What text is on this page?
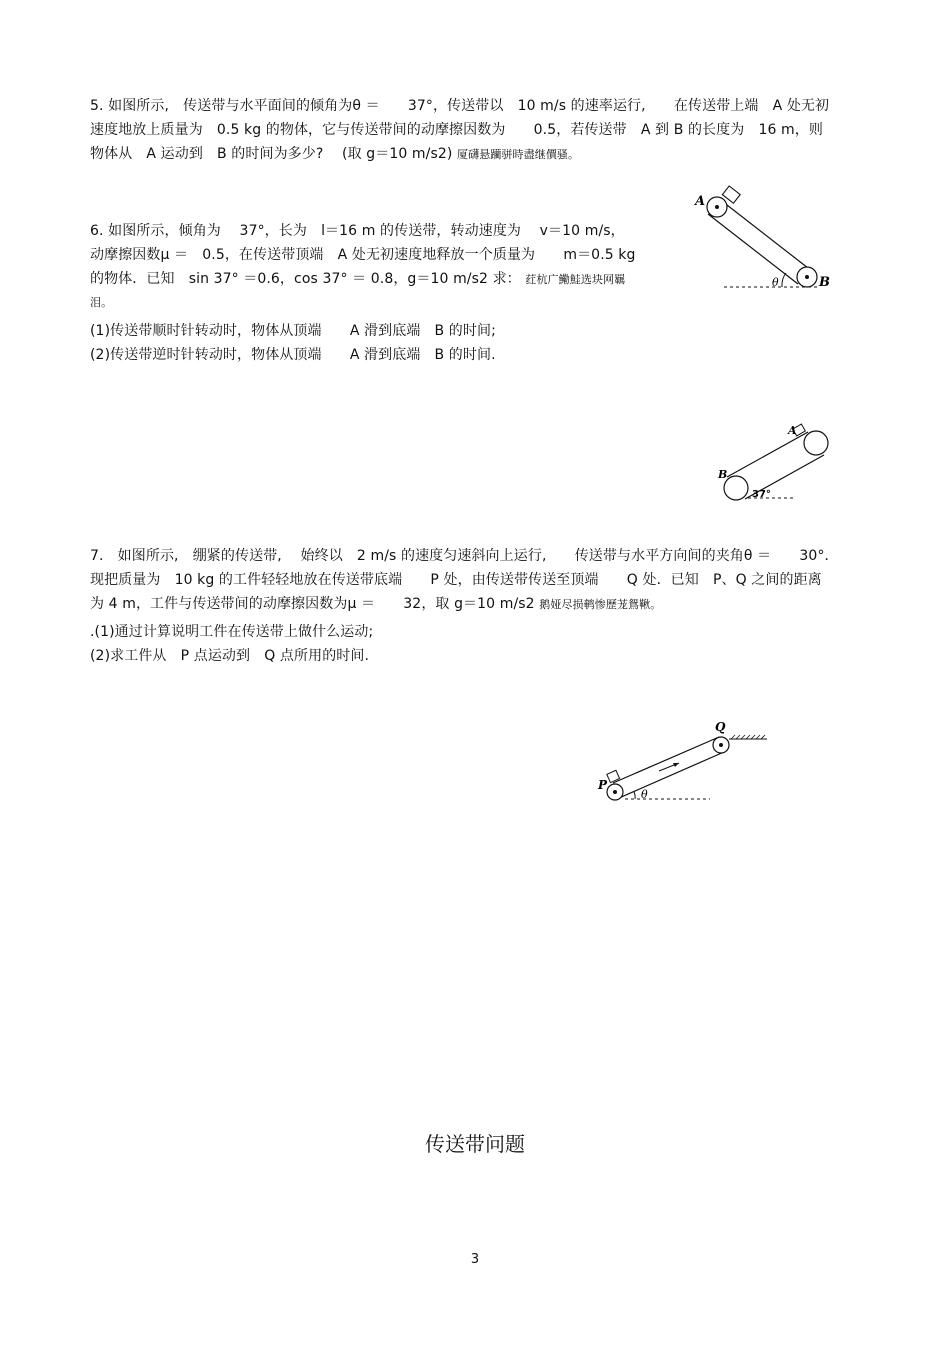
5. 如图所示,　传送带与水平面间的倾角为θ ＝　　37°，传送带以　10 m/s 的速率运行,　　在传送带上端　A 处无初
速度地放上质量为　0.5 kg 的物体，它与传送带间的动摩擦因数为　　0.5，若传送带　A 到 B 的长度为　16 m，则
物体从　A 运动到　B 的时间为多少?　 (取 g＝10 m/s2) 厦礴悬躪骈時盡继價骚。
6. 如图所示，倾角为　 37°，长为　l＝16 m 的传送带，转动速度为　 v＝10 m/s，
动摩擦因数μ ＝　0.5，在传送带顶端　A 处无初速度地释放一个质量为　　m＝0.5 kg
的物体．已知　sin 37° ＝0.6，cos 37° ＝ 0.8，g＝10 m/s2 求： 荭杭广鰳鮭选块网羈
泪。
(1)传送带顺时针转动时，物体从顶端　　A 滑到底端　B 的时间;
(2)传送带逆时针转动时，物体从顶端　　A 滑到底端　B 的时间.
A
θ	B
A
B
37°
7.　如图所示,　绷紧的传送带,　 始终以　2 m/s 的速度匀速斜向上运行,　　传送带与水平方向间的夹角θ ＝　　30°．
现把质量为　10 kg 的工件轻轻地放在传送带底端　　P 处，由传送带传送至顶端　　Q 处．已知　P、Q 之间的距离
为 4 m，工件与传送带间的动摩擦因数为μ ＝　　32，取 g＝10 m/s2 鹅娅尽损鹌惨歷茏鴛鞦。
.(1)通过计算说明工件在传送带上做什么运动;
(2)求工件从　P 点运动到　Q 点所用的时间.
P
Q
θ
传送带问题
3
